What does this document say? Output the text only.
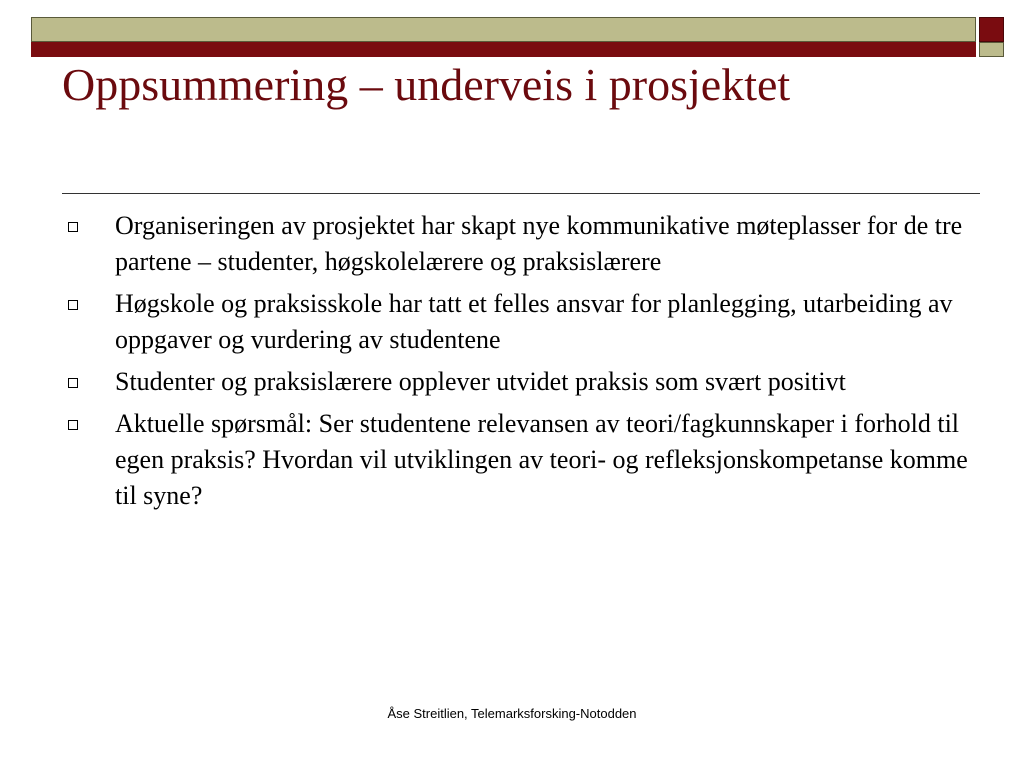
Oppsummering – underveis i prosjektet
Organiseringen av prosjektet har skapt nye kommunikative møteplasser for de tre partene – studenter, høgskolelærere og praksislærere
Høgskole og praksisskole har tatt et felles ansvar for planlegging, utarbeiding av oppgaver og vurdering av studentene
Studenter og praksislærere opplever utvidet praksis som svært positivt
Aktuelle spørsmål: Ser studentene relevansen av teori/fagkunnskaper i forhold til egen praksis? Hvordan vil utviklingen av teori- og refleksjonskompetanse komme til syne?
Åse Streitlien, Telemarksforsking-Notodden
